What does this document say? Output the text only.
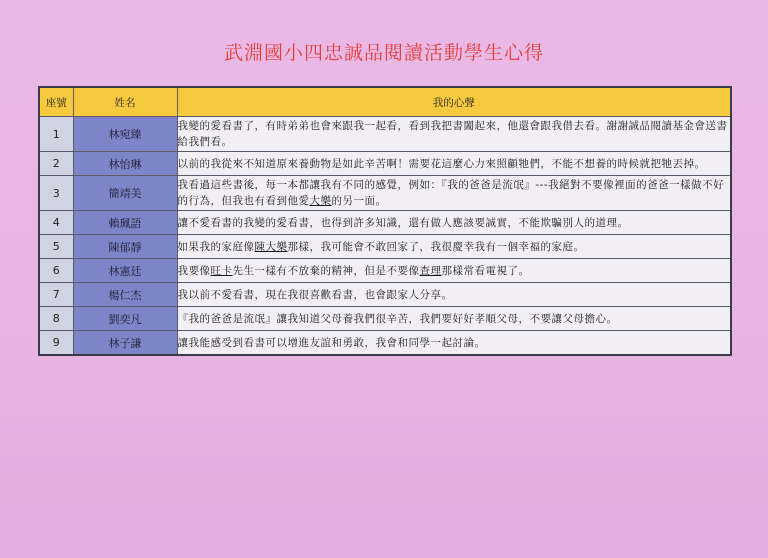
武淵國小四忠誠品閱讀活動學生心得
座號	姓名	我的心聲
1	林宛臻	我變的愛看書了，有時弟弟也會來跟我一起看，看到我把書闔起來，他還會跟我借去看。謝謝誠品閱讀基金會送書給我們看。
2	林怡琳	以前的我從來不知道原來養動物是如此辛苦啊！需要花這麼心力來照顧牠們，不能不想養的時候就把牠丟掉。
3	簡靖美	我看過這些書後，每一本都讓我有不同的感覺，例如：『我的爸爸是流氓』---我絕對不要像裡面的爸爸一樣做不好的行為，但我也有看到他愛大樂的另一面。
4	賴珮語	讓不愛看書的我變的愛看書，也得到許多知識，還有做人應該要誠實，不能欺騙別人的道理。
5	陳郁靜	如果我的家庭像陳大樂那樣，我可能會不敢回家了，我很慶幸我有一個幸福的家庭。
6	林憲廷	我要像旺卡先生一樣有不放棄的精神，但是不要像查理那樣常看電視了。
7	楊仁杰	我以前不愛看書，現在我很喜歡看書，也會跟家人分享。
8	劉奕凡	『我的爸爸是流氓』讓我知道父母養我們很辛苦，我們要好好孝順父母，不要讓父母擔心。
9	林子謙	讓我能感受到看書可以增進友誼和勇敢，我會和同學一起討論。
